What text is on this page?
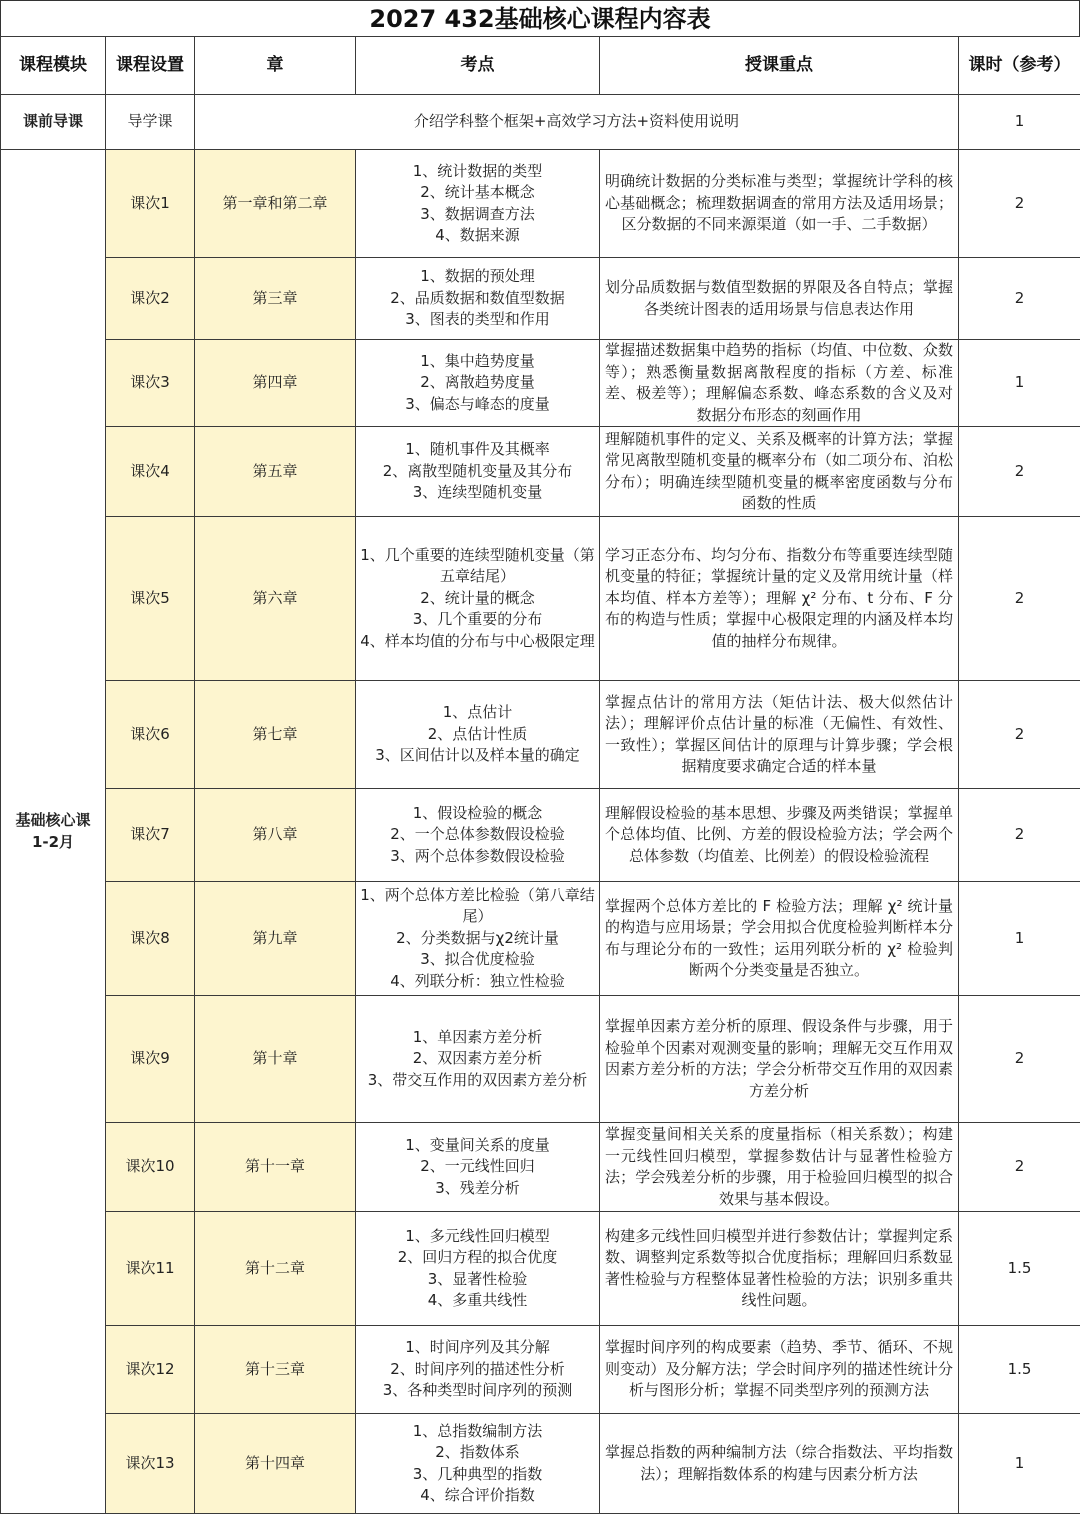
2027 432基础核心课程内容表
课程模块	课程设置	章	考点	授课重点	课时（参考）
课前导课	导学课	介绍学科整个框架+高效学习方法+资料使用说明			1
基础核心课
1-2月	课次1	第一章和第二章	1、统计数据的类型
2、统计基本概念
3、数据调查方法
4、数据来源	明确统计数据的分类标准与类型；掌握统计学科的核心基础概念；梳理数据调查的常用方法及适用场景；区分数据的不同来源渠道（如一手、二手数据）	2
	课次2	第三章	1、数据的预处理
2、品质数据和数值型数据
3、图表的类型和作用	划分品质数据与数值型数据的界限及各自特点；掌握各类统计图表的适用场景与信息表达作用	2
	课次3	第四章	1、集中趋势度量
2、离散趋势度量
3、偏态与峰态的度量	掌握描述数据集中趋势的指标（均值、中位数、众数等）；熟悉衡量数据离散程度的指标（方差、标准差、极差等）；理解偏态系数、峰态系数的含义及对数据分布形态的刻画作用	1
	课次4	第五章	1、随机事件及其概率
2、离散型随机变量及其分布
3、连续型随机变量	理解随机事件的定义、关系及概率的计算方法；掌握常见离散型随机变量的概率分布（如二项分布、泊松分布）；明确连续型随机变量的概率密度函数与分布函数的性质	2
	课次5	第六章	1、几个重要的连续型随机变量（第五章结尾）
2、统计量的概念
3、几个重要的分布
4、样本均值的分布与中心极限定理	学习正态分布、均匀分布、指数分布等重要连续型随机变量的特征；掌握统计量的定义及常用统计量（样本均值、样本方差等）；理解 χ² 分布、t 分布、F 分布的构造与性质；掌握中心极限定理的内涵及样本均值的抽样分布规律。	2
	课次6	第七章	1、点估计
2、点估计性质
3、区间估计以及样本量的确定	掌握点估计的常用方法（矩估计法、极大似然估计法）；理解评价点估计量的标准（无偏性、有效性、一致性）；掌握区间估计的原理与计算步骤；学会根据精度要求确定合适的样本量	2
	课次7	第八章	1、假设检验的概念
2、一个总体参数假设检验
3、两个总体参数假设检验	理解假设检验的基本思想、步骤及两类错误；掌握单个总体均值、比例、方差的假设检验方法；学会两个总体参数（均值差、比例差）的假设检验流程	2
	课次8	第九章	1、两个总体方差比检验（第八章结尾）
2、分类数据与χ2统计量
3、拟合优度检验
4、列联分析：独立性检验	掌握两个总体方差比的 F 检验方法；理解 χ² 统计量的构造与应用场景；学会用拟合优度检验判断样本分布与理论分布的一致性；运用列联分析的 χ² 检验判断两个分类变量是否独立。	1
	课次9	第十章	1、单因素方差分析
2、双因素方差分析
3、带交互作用的双因素方差分析	掌握单因素方差分析的原理、假设条件与步骤，用于检验单个因素对观测变量的影响；理解无交互作用双因素方差分析的方法；学会分析带交互作用的双因素方差分析	2
	课次10	第十一章	1、变量间关系的度量
2、一元线性回归
3、残差分析	掌握变量间相关关系的度量指标（相关系数）；构建一元线性回归模型，掌握参数估计与显著性检验方法；学会残差分析的步骤，用于检验回归模型的拟合效果与基本假设。	2
	课次11	第十二章	1、多元线性回归模型
2、回归方程的拟合优度
3、显著性检验
4、多重共线性	构建多元线性回归模型并进行参数估计；掌握判定系数、调整判定系数等拟合优度指标；理解回归系数显著性检验与方程整体显著性检验的方法；识别多重共线性问题。	1.5
	课次12	第十三章	1、时间序列及其分解
2、时间序列的描述性分析
3、各种类型时间序列的预测	掌握时间序列的构成要素（趋势、季节、循环、不规则变动）及分解方法；学会时间序列的描述性统计分析与图形分析；掌握不同类型序列的预测方法	1.5
	课次13	第十四章	1、总指数编制方法
2、指数体系
3、几种典型的指数
4、综合评价指数	掌握总指数的两种编制方法（综合指数法、平均指数法）；理解指数体系的构建与因素分析方法	1
